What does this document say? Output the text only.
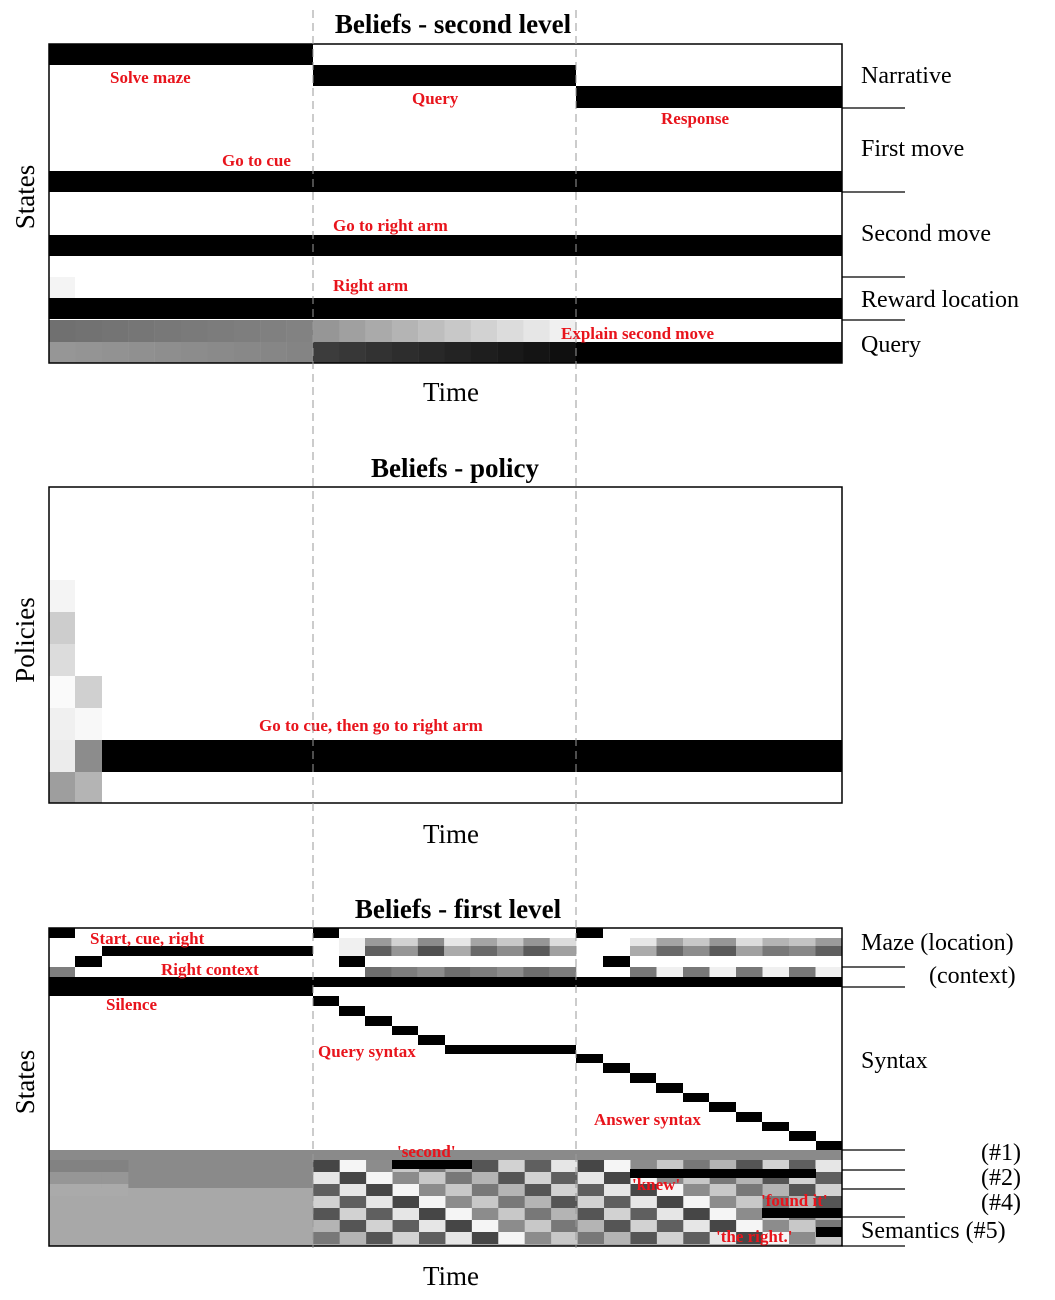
Beliefs - second level
States
Time
Narrative
First move
Second move
Reward location
Query
Solve maze
Query
Response
Go to cue
Go to right arm
Right arm
Explain second move
Beliefs - policy
Policies
Time
Go to cue, then go to right arm
Beliefs - first level
States
Time
Maze (location)
(context)
Syntax
(#1)
(#2)
(#4)
Semantics (#5)
Start, cue, right
Right context
Silence
Query syntax
Answer syntax
'second'
'knew'
'found it'
'the right.'
